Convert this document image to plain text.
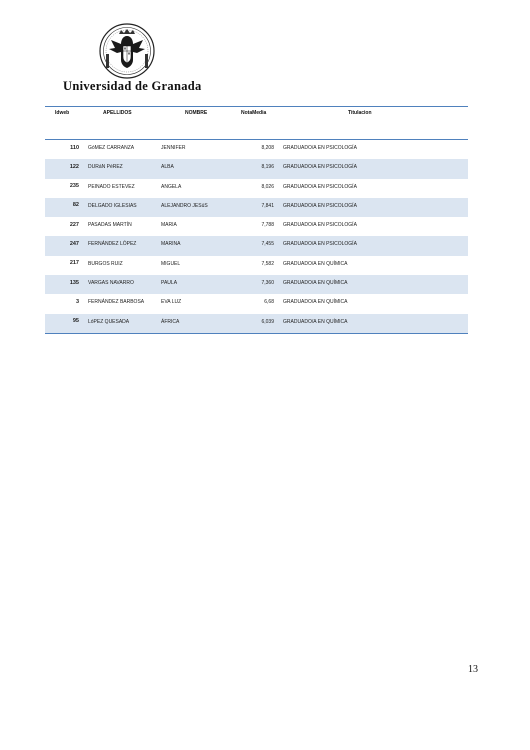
Universidad de Granada
Idweb	APELLIDOS	NOMBRE	NotaMedia	Titulacion
110 GóMEZ CARRANZA	JENNIFER	8,208 GRADUADO/A EN PSICOLOGÍA
122 DURáN PéREZ	ALBA	8,196 GRADUADO/A EN PSICOLOGÍA
235 PEINADO ESTEVEZ	ANGELA	8,026 GRADUADO/A EN PSICOLOGÍA
82 DELGADO IGLESIAS	ALEJANDRO JESúS	7,841 GRADUADO/A EN PSICOLOGÍA
227 PASADAS MARTÍN	MARIA	7,788 GRADUADO/A EN PSICOLOGÍA
247 FERNÁNDEZ LÓPEZ	MARINA	7,455 GRADUADO/A EN PSICOLOGÍA
217 BURGOS RUIZ	MIGUEL	7,582 GRADUADO/A EN QUÍMICA
135 VARGAS NAVARRO	PAULA	7,360 GRADUADO/A EN QUÍMICA
3 FERNÁNDEZ BARBOSA	EVA LUZ	6,68 GRADUADO/A EN QUÍMICA
95 LóPEZ QUESADA	ÁFRICA	6,039 GRADUADO/A EN QUÍMICA
13
